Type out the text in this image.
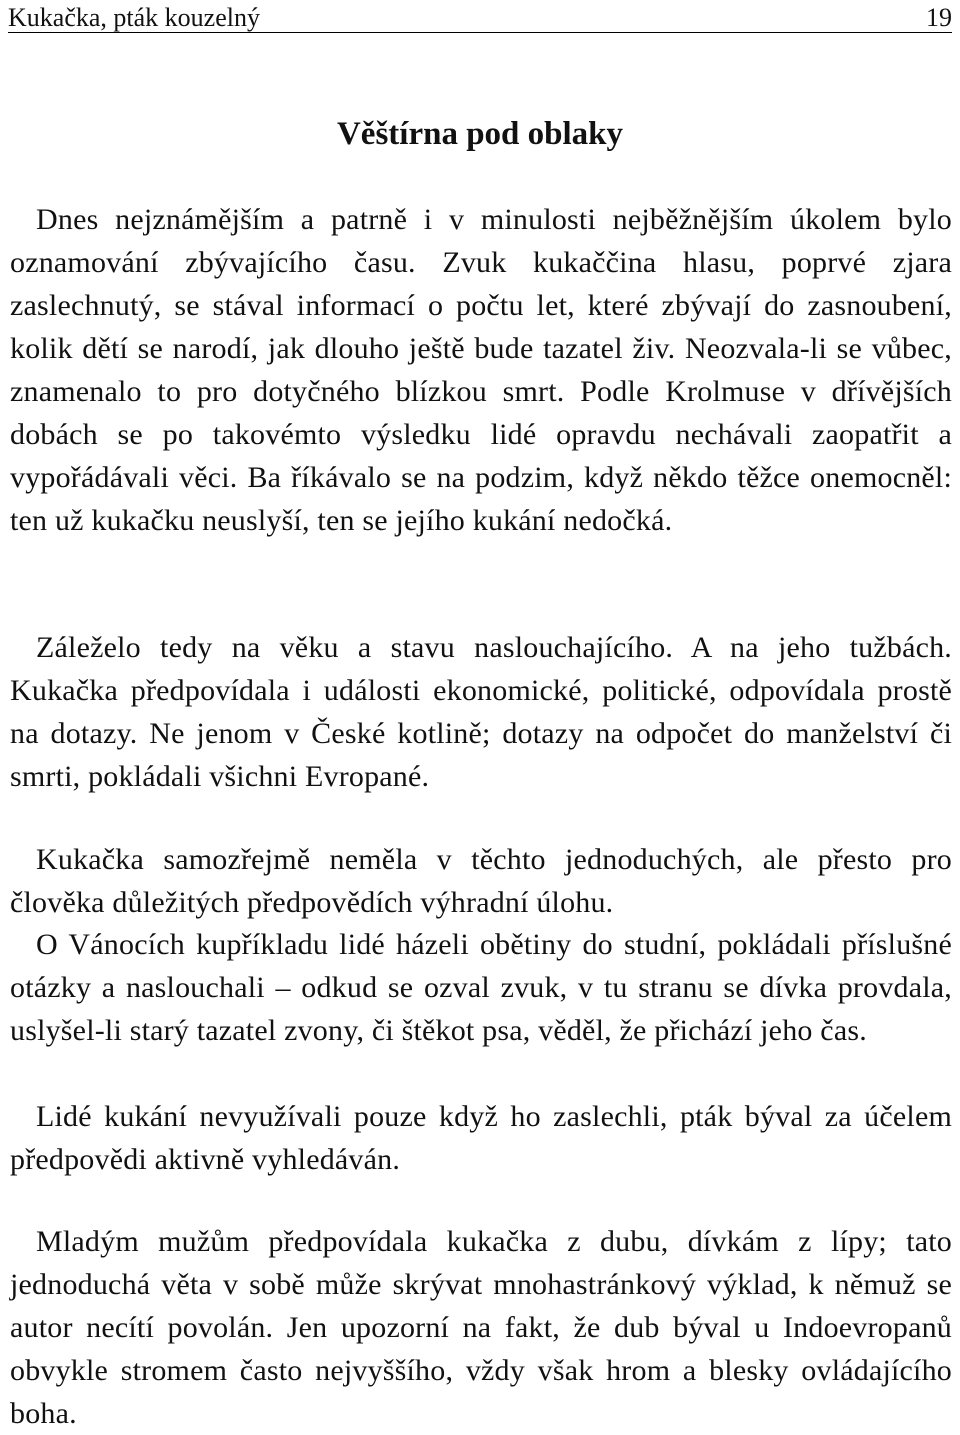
Kukačka, pták kouzelný	19
Věštírna pod oblaky

Dnes nejznámějším a patrně i v minulosti nejběžnějším úkolem bylo oznamování zbývajícího času. Zvuk kukaččina hlasu, poprvé zjara zaslechnutý, se stával informací o počtu let, které zbývají do zasnoubení, kolik dětí se narodí, jak dlouho ještě bude tazatel živ. Neozvala-li se vůbec, znamenalo to pro dotyčného blízkou smrt. Podle Krolmuse v dřívějších dobách se po takovémto výsledku lidé opravdu nechávali zaopatřit a vypořádávali věci. Ba říkávalo se na podzim, když někdo těžce onemocněl: ten už kukačku neuslyší, ten se jejího kukání nedočká.

Záleželo tedy na věku a stavu naslouchajícího. A na jeho tužbách. Kukačka předpovídala i události ekonomické, politické, odpovídala prostě na dotazy. Ne jenom v České kotlině; dotazy na odpočet do manželství či smrti, pokládali všichni Evropané.

Kukačka samozřejmě neměla v těchto jednoduchých, ale přesto pro člověka důležitých předpovědích výhradní úlohu.

O Vánocích kupříkladu lidé házeli obětiny do studní, pokládali příslušné otázky a naslouchali – odkud se ozval zvuk, v tu stranu se dívka provdala, uslyšel-li starý tazatel zvony, či štěkot psa, věděl, že přichází jeho čas.

Lidé kukání nevyužívali pouze když ho zaslechli, pták býval za účelem předpovědi aktivně vyhledáván.

Mladým mužům předpovídala kukačka z dubu, dívkám z lípy; tato jednoduchá věta v sobě může skrývat mnohastránkový výklad, k němuž se autor necítí povolán. Jen upozorní na fakt, že dub býval u Indoevropanů obvykle stromem často nejvyššího, vždy však hrom a blesky ovládajícího boha.
